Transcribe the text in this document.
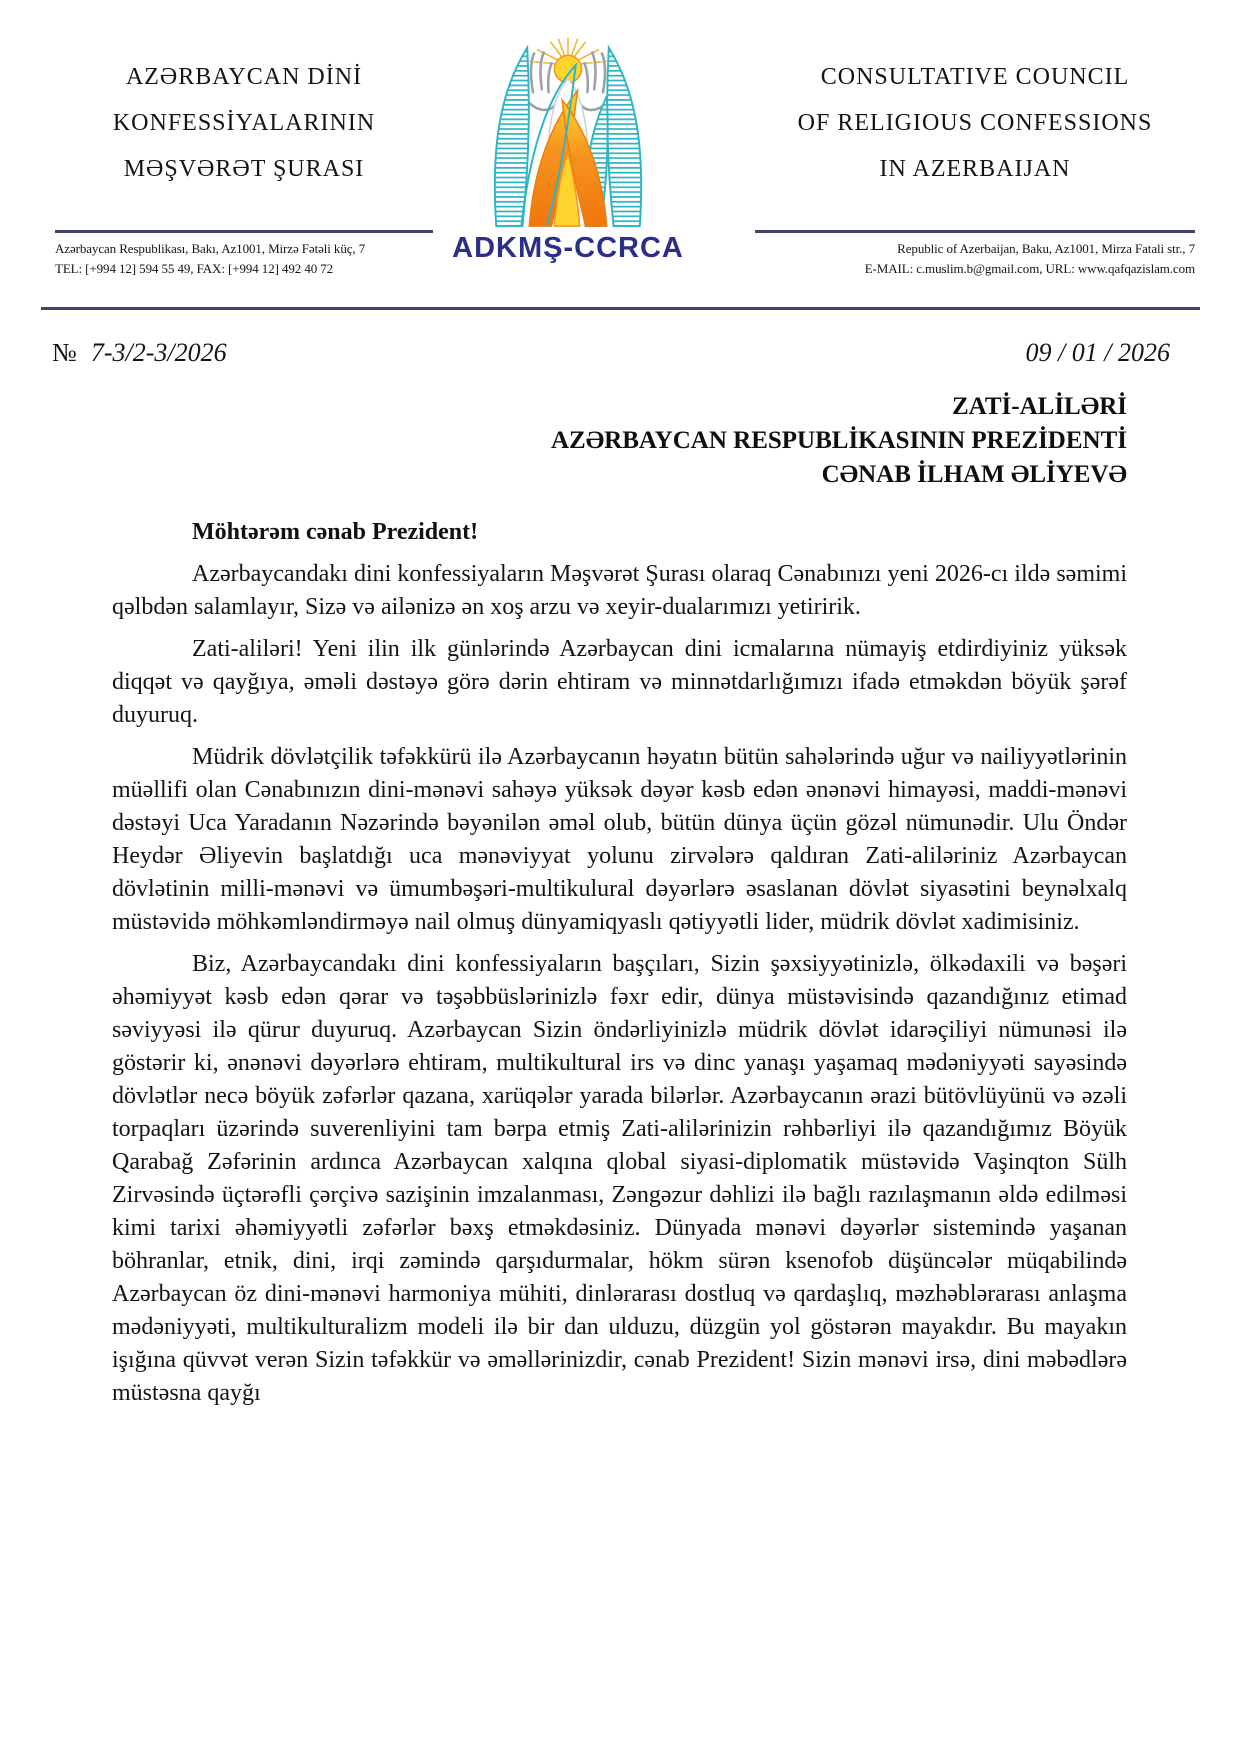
AZƏRBAYCAN DİNİ
KONFESSİYALARININ
MƏŞVƏRƏT ŞURASI
Azərbaycan Respublikası, Bakı, Az1001, Mirzə Fətəli küç, 7
TEL: [+994 12] 594 55 49, FAX: [+994 12] 492 40 72
ADKMŞ-CCRCA
CONSULTATIVE COUNCIL
OF RELIGIOUS CONFESSIONS
IN AZERBAIJAN
Republic of Azerbaijan, Baku, Az1001, Mirza Fatali str., 7
E-MAIL: c.muslim.b@gmail.com, URL: www.qafqazislam.com
№ 7-3/2-3/2026	09 / 01 / 2026
ZATİ-ALİLƏRİ
AZƏRBAYCAN RESPUBLİKASININ PREZİDENTİ
CƏNAB İLHAM ƏLİYEVƏ
Möhtərəm cənab Prezident!

Azərbaycandakı dini konfessiyaların Məşvərət Şurası olaraq Cənabınızı yeni 2026-cı ildə səmimi qəlbdən salamlayır, Sizə və ailənizə ən xoş arzu və xeyir-dualarımızı yetiririk.

Zati-aliləri! Yeni ilin ilk günlərində Azərbaycan dini icmalarına nümayiş etdirdiyiniz yüksək diqqət və qayğıya, əməli dəstəyə görə dərin ehtiram və minnətdarlığımızı ifadə etməkdən böyük şərəf duyuruq.

Müdrik dövlətçilik təfəkkürü ilə Azərbaycanın həyatın bütün sahələrində uğur və nailiyyətlərinin müəllifi olan Cənabınızın dini-mənəvi sahəyə yüksək dəyər kəsb edən ənənəvi himayəsi, maddi-mənəvi dəstəyi Uca Yaradanın Nəzərində bəyənilən əməl olub, bütün dünya üçün gözəl nümunədir. Ulu Öndər Heydər Əliyevin başlatdığı uca mənəviyyat yolunu zirvələrə qaldıran Zati-aliləriniz Azərbaycan dövlətinin milli-mənəvi və ümumbəşəri-multikulural dəyərlərə əsaslanan dövlət siyasətini beynəlxalq müstəvidə möhkəmləndirməyə nail olmuş dünyamiqyaslı qətiyyətli lider, müdrik dövlət xadimisiniz.

Biz, Azərbaycandakı dini konfessiyaların başçıları, Sizin şəxsiyyətinizlə, ölkədaxili və bəşəri əhəmiyyət kəsb edən qərar və təşəbbüslərinizlə fəxr edir, dünya müstəvisində qazandığınız etimad səviyyəsi ilə qürur duyuruq. Azərbaycan Sizin öndərliyinizlə müdrik dövlət idarəçiliyi nümunəsi ilə göstərir ki, ənənəvi dəyərlərə ehtiram, multikultural irs və dinc yanaşı yaşamaq mədəniyyəti sayəsində dövlətlər necə böyük zəfərlər qazana, xarüqələr yarada bilərlər. Azərbaycanın ərazi bütövlüyünü və əzəli torpaqları üzərində suverenliyini tam bərpa etmiş Zati-alilərinizin rəhbərliyi ilə qazandığımız Böyük Qarabağ Zəfərinin ardınca Azərbaycan xalqına qlobal siyasi-diplomatik müstəvidə Vaşinqton Sülh Zirvəsində üçtərəfli çərçivə sazişinin imzalanması, Zəngəzur dəhlizi ilə bağlı razılaşmanın əldə edilməsi kimi tarixi əhəmiyyətli zəfərlər bəxş etməkdəsiniz. Dünyada mənəvi dəyərlər sistemində yaşanan böhranlar, etnik, dini, irqi zəmində qarşıdurmalar, hökm sürən ksenofob düşüncələr müqabilində Azərbaycan öz dini-mənəvi harmoniya mühiti, dinlərarası dostluq və qardaşlıq, məzhəblərarası anlaşma mədəniyyəti, multikulturalizm modeli ilə bir dan ulduzu, düzgün yol göstərən mayakdır. Bu mayakın işığına qüvvət verən Sizin təfəkkür və əməllərinizdir, cənab Prezident! Sizin mənəvi irsə, dini məbədlərə müstəsna qayğı
